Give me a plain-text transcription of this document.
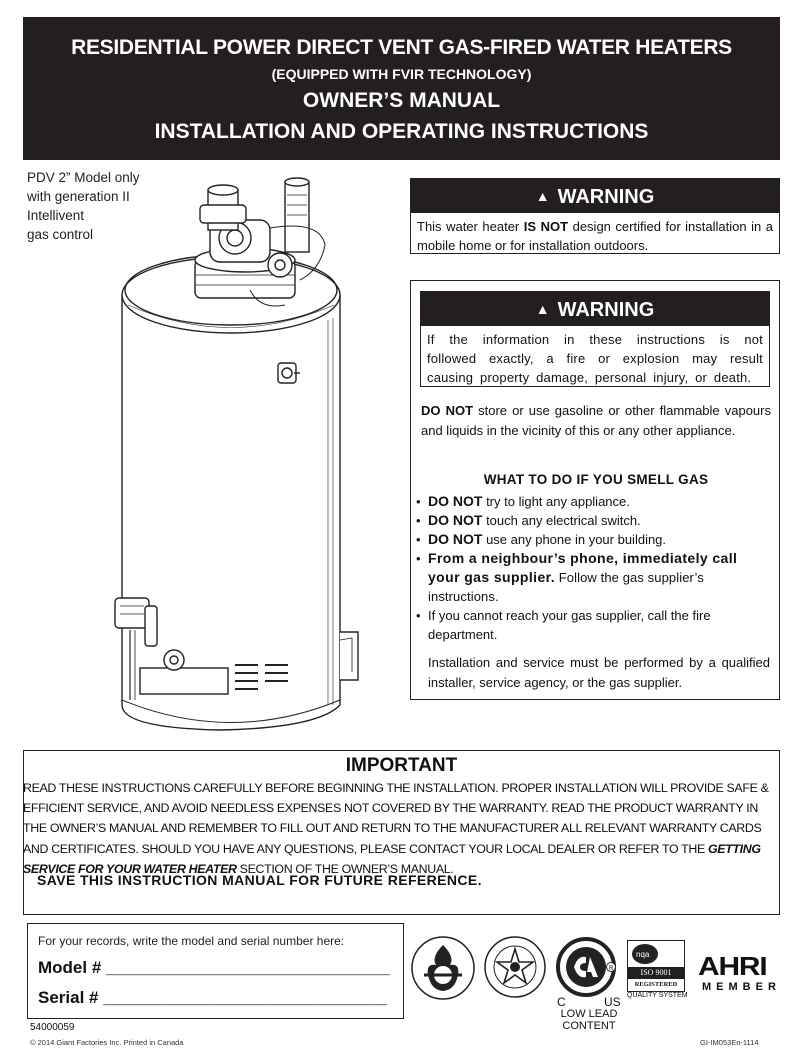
RESIDENTIAL POWER DIRECT VENT GAS-FIRED WATER HEATERS
(EQUIPPED WITH FVIR TECHNOLOGY)
OWNER’S MANUAL
INSTALLATION AND OPERATING INSTRUCTIONS
PDV 2” Model only
with generation II
Intellivent
gas control
▲ WARNING
This water heater IS NOT design certified for installation in a mobile home or for installation outdoors.
▲ WARNING
If the information in these instructions is not followed exactly, a fire or explosion may result causing property damage, personal injury, or death.
DO NOT store or use gasoline or other flammable vapours and liquids in the vicinity of this or any other appliance.
WHAT TO DO IF YOU SMELL GAS
• DO NOT try to light any appliance.
• DO NOT touch any electrical switch.
• DO NOT use any phone in your building.
• From a neighbour’s phone, immediately call your gas supplier. Follow the gas supplier’s instructions.
• If you cannot reach your gas supplier, call the fire department.
Installation and service must be performed by a qualified installer, service agency, or the gas supplier.
IMPORTANT
READ THESE INSTRUCTIONS CAREFULLY BEFORE BEGINNING THE INSTALLATION. PROPER INSTALLATION WILL PROVIDE SAFE & EFFICIENT SERVICE, AND AVOID NEEDLESS EXPENSES NOT COVERED BY THE WARRANTY. READ THE PRODUCT WARRANTY IN THE OWNER’S MANUAL AND REMEMBER TO FILL OUT AND RETURN TO THE MANUFACTURER ALL RELEVANT WARRANTY CARDS AND CERTIFICATES. SHOULD YOU HAVE ANY QUESTIONS, PLEASE CONTACT YOUR LOCAL DEALER OR REFER TO THE GETTING SERVICE FOR YOUR WATER HEATER SECTION OF THE OWNER’S MANUAL.
SAVE THIS INSTRUCTION MANUAL FOR FUTURE REFERENCE.
For your records, write the model and serial number here:
Model # ______________________________
Serial # ______________________________
R
C	US
LOW LEAD CONTENT
nqa
ISO 9001
REGISTERED
QUALITY SYSTEM
AHRI
MEMBER
54000059
© 2014 Giant Factories Inc. Printed in Canada	GI-IM053En-1114
